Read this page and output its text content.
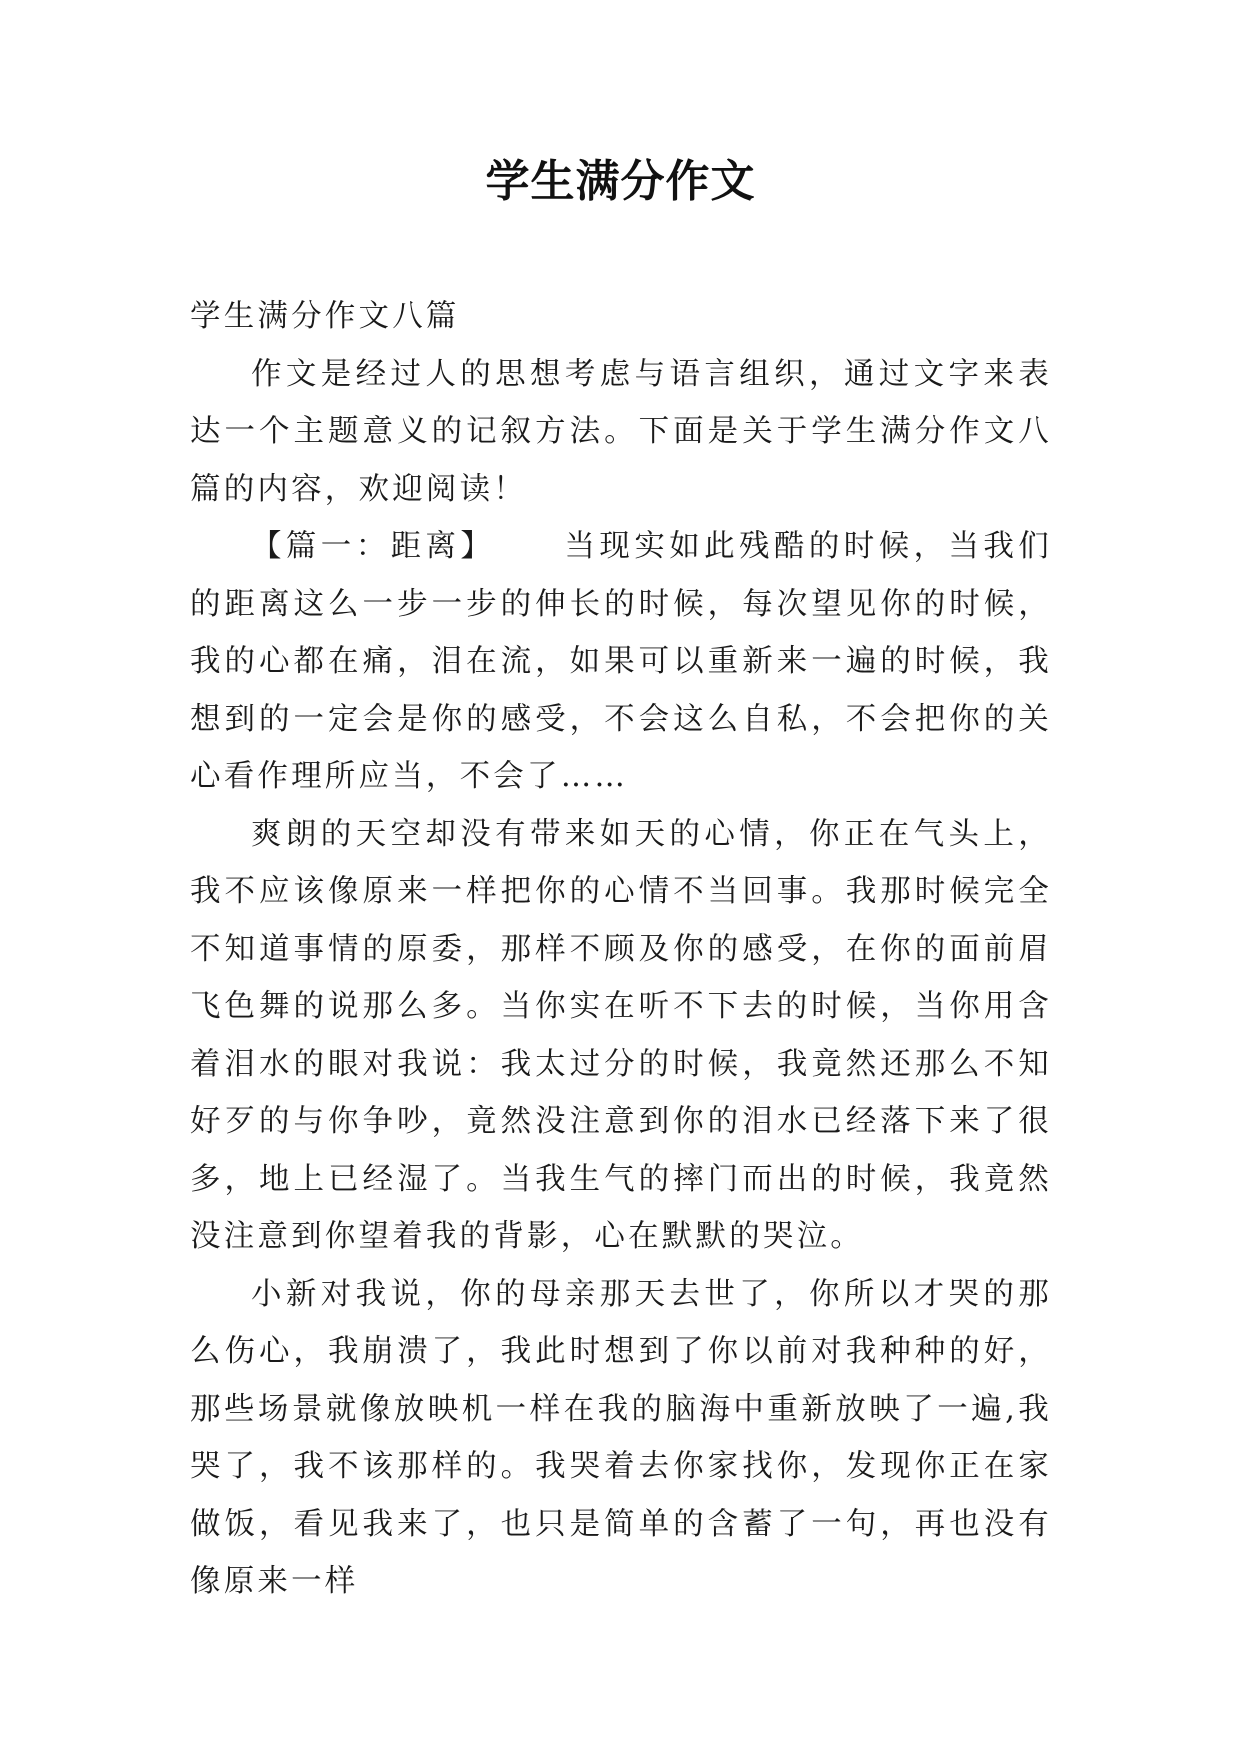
学生满分作文

学生满分作文八篇

作文是经过人的思想考虑与语言组织，通过文字来表达一个主题意义的记叙方法。下面是关于学生满分作文八篇的内容，欢迎阅读！

【篇一：距离】 当现实如此残酷的时候，当我们的距离这么一步一步的伸长的时候，每次望见你的时候，我的心都在痛，泪在流，如果可以重新来一遍的时候，我想到的一定会是你的感受，不会这么自私，不会把你的关心看作理所应当，不会了……

爽朗的天空却没有带来如天的心情，你正在气头上，我不应该像原来一样把你的心情不当回事。我那时候完全不知道事情的原委，那样不顾及你的感受，在你的面前眉飞色舞的说那么多。当你实在听不下去的时候，当你用含着泪水的眼对我说：我太过分的时候，我竟然还那么不知好歹的与你争吵，竟然没注意到你的泪水已经落下来了很多，地上已经湿了。当我生气的摔门而出的时候，我竟然没注意到你望着我的背影，心在默默的哭泣。

小新对我说，你的母亲那天去世了，你所以才哭的那么伤心，我崩溃了，我此时想到了你以前对我种种的好，那些场景就像放映机一样在我的脑海中重新放映了一遍,我哭了，我不该那样的。我哭着去你家找你，发现你正在家做饭，看见我来了，也只是简单的含蓄了一句，再也没有像原来一样
